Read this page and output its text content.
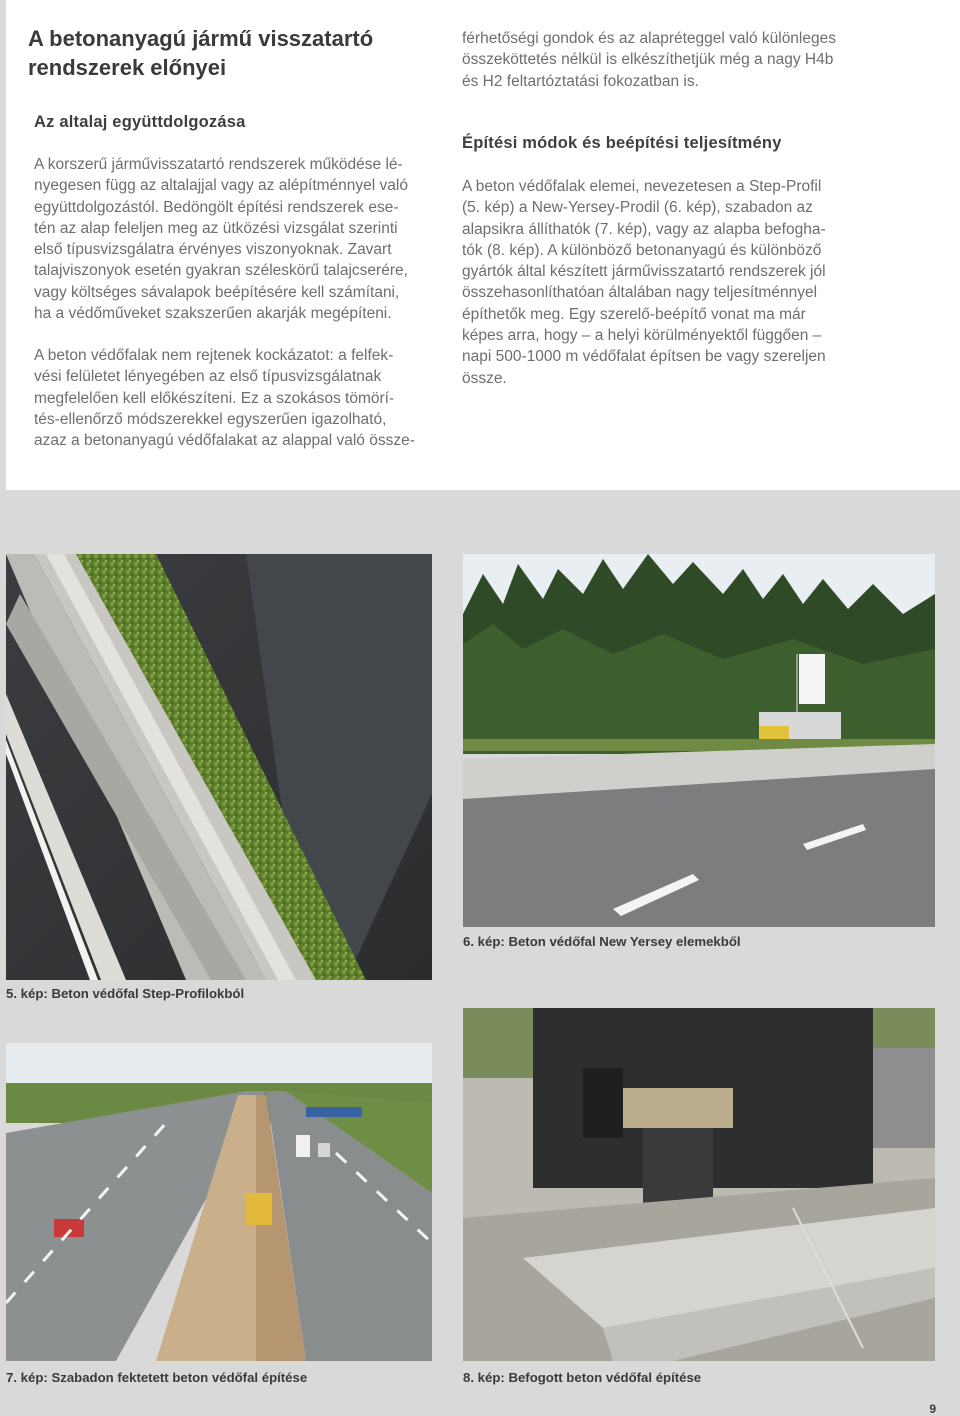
A betonanyagú jármű visszatartó
rendszerek előnyei
Az altalaj együttdolgozása

A korszerű járművisszatartó rendszerek működése lé-
nyegesen függ az altalajjal vagy az alépítménnyel való
együttdolgozástól. Bedöngölt építési rendszerek ese-
tén az alap feleljen meg az ütközési vizsgálat szerinti
első típusvizsgálatra érvényes viszonyoknak. Zavart
talajviszonyok esetén gyakran széleskörű talajcserére,
vagy költséges sávalapok beépítésére kell számítani,
ha a védőműveket szakszerűen akarják megépíteni.

A beton védőfalak nem rejtenek kockázatot: a felfek-
vési felületet lényegében az első típusvizsgálatnak
megfelelően kell előkészíteni. Ez a szokásos tömörí-
tés-ellenőrző módszerekkel egyszerűen igazolható,
azaz a betonanyagú védőfalakat az alappal való össze-

férhetőségi gondok és az alapréteggel való különleges
összeköttetés nélkül is elkészíthetjük még a nagy H4b
és H2 feltartóztatási fokozatban is.

Építési módok és beépítési teljesítmény

A beton védőfalak elemei, nevezetesen a Step-Profil
(5. kép) a New-Yersey-Prodil (6. kép), szabadon az
alapsikra állíthatók (7. kép), vagy az alapba befogha-
tók (8. kép). A különböző betonanyagú és különböző
gyártók által készített járművisszatartó rendszerek jól
összehasonlíthatóan általában nagy teljesítménnyel
építhetők meg. Egy szerelő-beépítő vonat ma már
képes arra, hogy – a helyi körülményektől függően –
napi 500-1000 m védőfalat építsen be vagy szereljen
össze.

5. kép: Beton védőfal Step-Profilokból

6. kép: Beton védőfal New Yersey elemekből

7. kép: Szabadon fektetett beton védőfal építése	8. kép: Befogott beton védőfal építése

9
